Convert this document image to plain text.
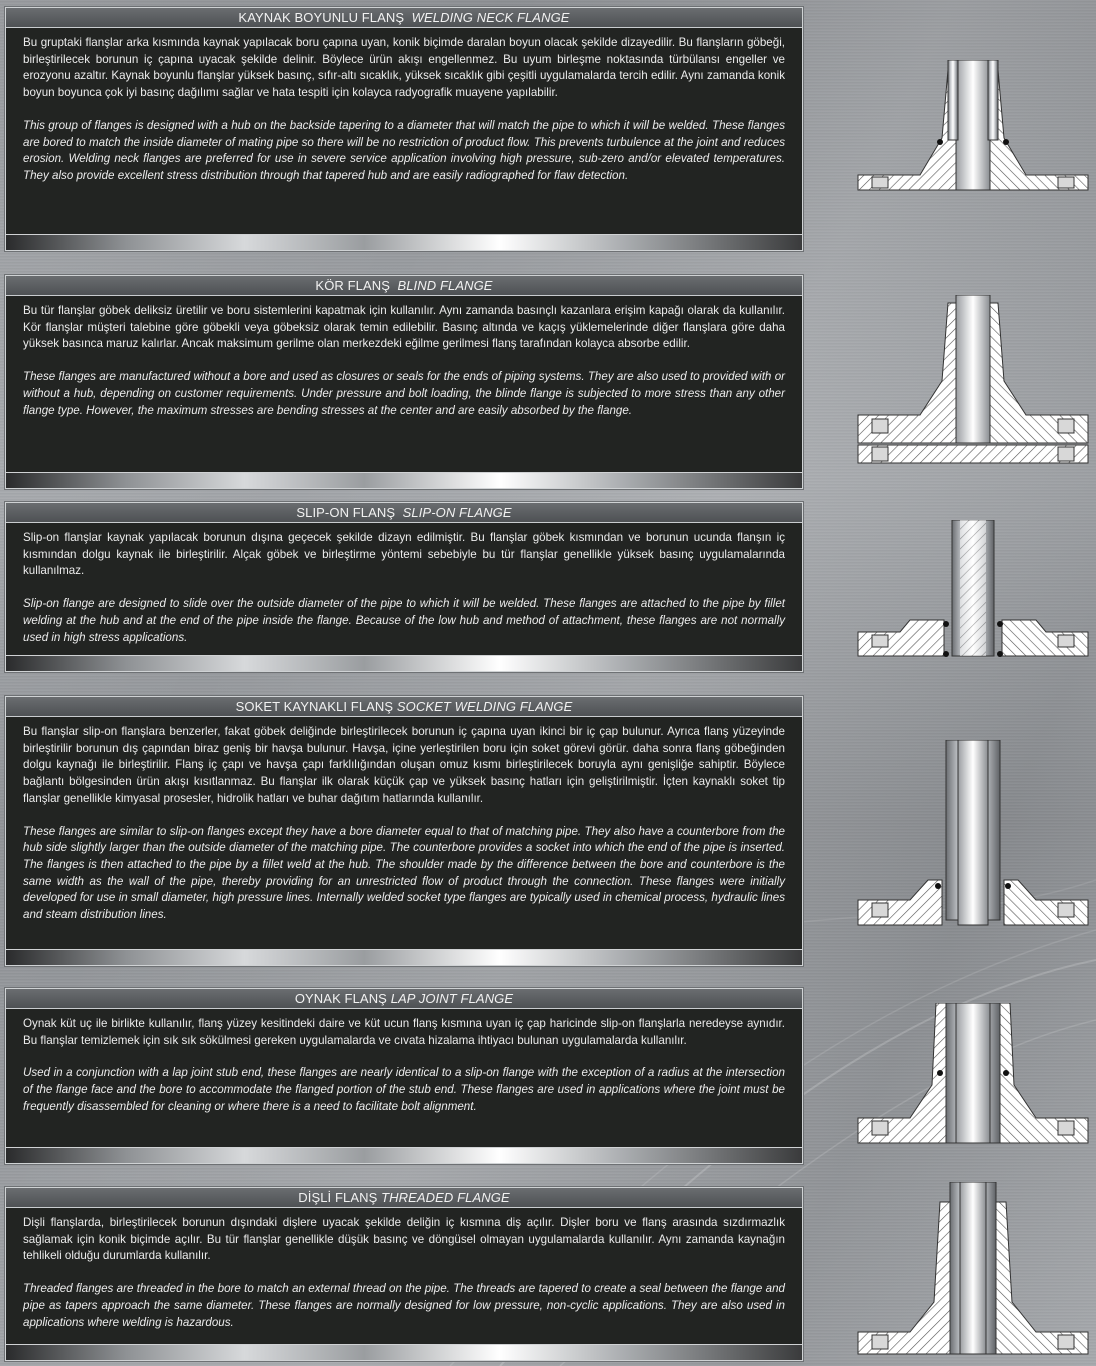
KAYNAK BOYUNLU FLANŞ WELDING NECK FLANGE

Bu gruptaki flanşlar arka kısmında kaynak yapılacak boru çapına uyan, konik biçimde daralan boyun olacak şekilde dizayedilir. Bu flanşların göbeği, birleştirilecek borunun iç çapına uyacak şekilde delinir. Böylece ürün akışı engellenmez. Bu uyum birleşme noktasında türbülansı engeller ve erozyonu azaltır. Kaynak boyunlu flanşlar yüksek basınç, sıfır-altı sıcaklık, yüksek sıcaklık gibi çeşitli uygulamalarda tercih edilir. Aynı zamanda konik boyun boyunca çok iyi basınç dağılımı sağlar ve hata tespiti için kolayca radyografik muayene yapılabilir.

This group of flanges is designed with a hub on the backside tapering to a diameter that will match the pipe to which it will be welded. These flanges are bored to match the inside diameter of mating pipe so there will be no restriction of product flow. This prevents turbulence at the joint and reduces erosion. Welding neck flanges are preferred for use in severe service application involving high pressure, sub-zero and/or elevated temperatures. They also provide excellent stress distribution through that tapered hub and are easily radiographed for flaw detection.

KÖR FLANŞ BLIND FLANGE

Bu tür flanşlar göbek deliksiz üretilir ve boru sistemlerini kapatmak için kullanılır. Aynı zamanda basınçlı kazanlara erişim kapağı olarak da kullanılır. Kör flanşlar müşteri talebine göre göbekli veya göbeksiz olarak temin edilebilir. Basınç altında ve kaçış yüklemelerinde diğer flanşlara göre daha yüksek basınca maruz kalırlar. Ancak maksimum gerilme olan merkezdeki eğilme gerilmesi flanş tarafından kolayca absorbe edilir.

These flanges are manufactured without a bore and used as closures or seals for the ends of piping systems. They are also used to provided with or without a hub, depending on customer requirements. Under pressure and bolt loading, the blinde flange is subjected to more stress than any other flange type. However, the maximum stresses are bending stresses at the center and are easily absorbed by the flange.

SLIP-ON FLANŞ SLIP-ON FLANGE

Slip-on flanşlar kaynak yapılacak borunun dışına geçecek şekilde dizayn edilmiştir. Bu flanşlar göbek kısmından ve borunun ucunda flanşın iç kısmından dolgu kaynak ile birleştirilir. Alçak göbek ve birleştirme yöntemi sebebiyle bu tür flanşlar genellikle yüksek basınç uygulamalarında kullanılmaz.

Slip-on flange are designed to slide over the outside diameter of the pipe to which it will be welded. These flanges are attached to the pipe by fillet welding at the hub and at the end of the pipe inside the flange. Because of the low hub and method of attachment, these flanges are not normally used in high stress applications.

SOKET KAYNAKLI FLANŞ SOCKET WELDING FLANGE

Bu flanşlar slip-on flanşlara benzerler, fakat göbek deliğinde birleştirilecek borunun iç çapına uyan ikinci bir iç çap bulunur. Ayrıca flanş yüzeyinde birleştirilir borunun dış çapından biraz geniş bir havşa bulunur. Havşa, içine yerleştirilen boru için soket görevi görür. daha sonra flanş göbeğinden dolgu kaynağı ile birleştirilir. Flanş iç çapı ve havşa çapı farklılığından oluşan omuz kısmı birleştirilecek boruyla aynı genişliğe sahiptir. Böylece bağlantı bölgesinden ürün akışı kısıtlanmaz. Bu flanşlar ilk olarak küçük çap ve yüksek basınç hatları için geliştirilmiştir. İçten kaynaklı soket tip flanşlar genellikle kimyasal prosesler, hidrolik hatları ve buhar dağıtım hatlarında kullanılır.

These flanges are similar to slip-on flanges except they have a bore diameter equal to that of matching pipe. They also have a counterbore from the hub side slightly larger than the outside diameter of the matching pipe. The counterbore provides a socket into which the end of the pipe is inserted. The flanges is then attached to the pipe by a fillet weld at the hub. The shoulder made by the difference between the bore and counterbore is the same width as the wall of the pipe, thereby providing for an unrestricted flow of product through the connection. These flanges were initially developed for use in small diameter, high pressure lines. Internally welded socket type flanges are typically used in chemical process, hydraulic lines and steam distribution lines.

OYNAK FLANŞ LAP JOINT FLANGE

Oynak küt uç ile birlikte kullanılır, flanş yüzey kesitindeki daire ve küt ucun flanş kısmına uyan iç çap haricinde slip-on flanşlarla neredeyse aynıdır. Bu flanşlar temizlemek için sık sık sökülmesi gereken uygulamalarda ve cıvata hizalama ihtiyacı bulunan uygulamalarda kullanılır.

Used in a conjunction with a lap joint stub end, these flanges are nearly identical to a slip-on flange with the exception of a radius at the intersection of the flange face and the bore to accommodate the flanged portion of the stub end. These flanges are used in applications where the joint must be frequently disassembled for cleaning or where there is a need to facilitate bolt alignment.

DİŞLİ FLANŞ THREADED FLANGE

Dişli flanşlarda, birleştirilecek borunun dışındaki dişlere uyacak şekilde deliğin iç kısmına diş açılır. Dişler boru ve flanş arasında sızdırmazlık sağlamak için konik biçimde açılır. Bu tür flanşlar genellikle düşük basınç ve döngüsel olmayan uygulamalarda kullanılır. Aynı zamanda kaynağın tehlikeli olduğu durumlarda kullanılır.

Threaded flanges are threaded in the bore to match an external thread on the pipe. The threads are tapered to create a seal between the flange and pipe as tapers approach the same diameter. These flanges are normally designed for low pressure, non-cyclic applications. They are also used in applications where welding is hazardous.
